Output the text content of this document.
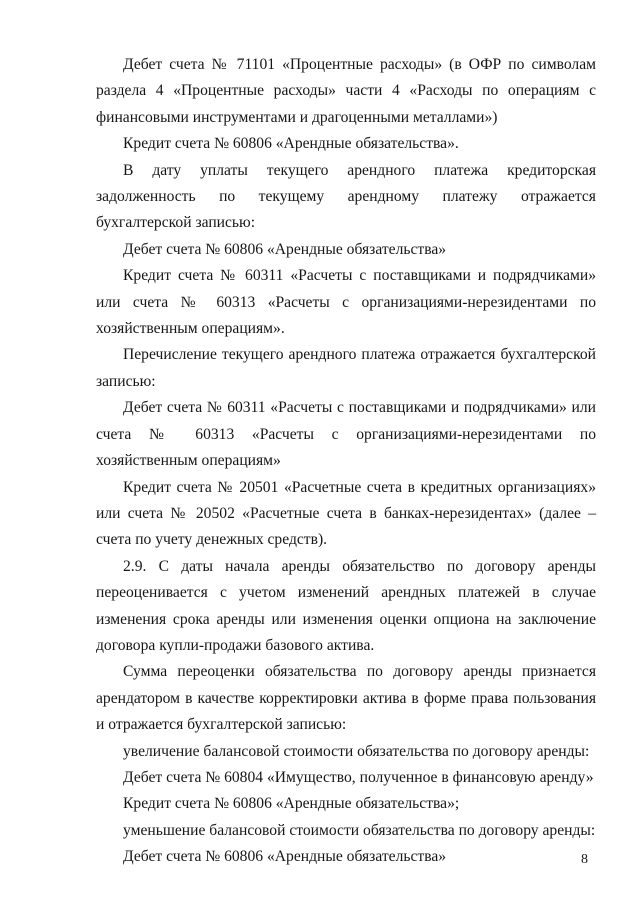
Дебет счета № 71101 «Процентные расходы» (в ОФР по символам раздела 4 «Процентные расходы» части 4 «Расходы по операциям с финансовыми инструментами и драгоценными металлами»)

Кредит счета № 60806 «Арендные обязательства».

В дату уплаты текущего арендного платежа кредиторская задолженность по текущему арендному платежу отражается бухгалтерской записью:

Дебет счета № 60806 «Арендные обязательства»

Кредит счета № 60311 «Расчеты с поставщиками и подрядчиками» или счета № 60313 «Расчеты с организациями-нерезидентами по хозяйственным операциям».

Перечисление текущего арендного платежа отражается бухгалтерской записью:

Дебет счета № 60311 «Расчеты с поставщиками и подрядчиками» или счета № 60313 «Расчеты с организациями-нерезидентами по хозяйственным операциям»

Кредит счета № 20501 «Расчетные счета в кредитных организациях» или счета № 20502 «Расчетные счета в банках-нерезидентах» (далее – счета по учету денежных средств).

2.9. С даты начала аренды обязательство по договору аренды переоценивается с учетом изменений арендных платежей в случае изменения срока аренды или изменения оценки опциона на заключение договора купли-продажи базового актива.

Сумма переоценки обязательства по договору аренды признается арендатором в качестве корректировки актива в форме права пользования и отражается бухгалтерской записью:

увеличение балансовой стоимости обязательства по договору аренды:

Дебет счета № 60804 «Имущество, полученное в финансовую аренду»

Кредит счета № 60806 «Арендные обязательства»;

уменьшение балансовой стоимости обязательства по договору аренды:

Дебет счета № 60806 «Арендные обязательства»	8
